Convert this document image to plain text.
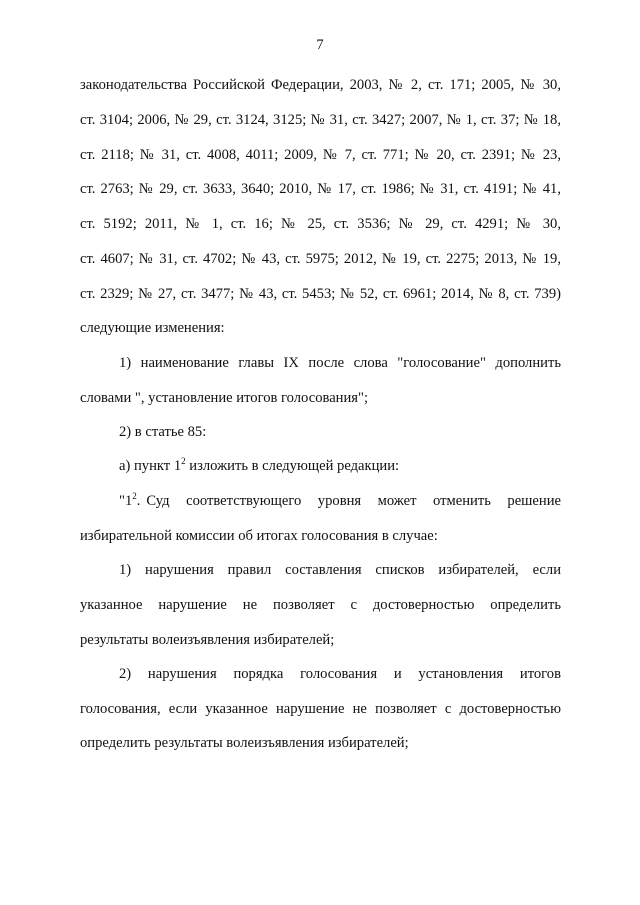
7
законодательства Российской Федерации, 2003, № 2, ст. 171; 2005, № 30,
ст. 3104; 2006, № 29, ст. 3124, 3125; № 31, ст. 3427; 2007, № 1, ст. 37; № 18,
ст. 2118; № 31, ст. 4008, 4011; 2009, № 7, ст. 771; № 20, ст. 2391; № 23,
ст. 2763; № 29, ст. 3633, 3640; 2010, № 17, ст. 1986; № 31, ст. 4191; № 41,
ст. 5192; 2011, № 1, ст. 16; № 25, ст. 3536; № 29, ст. 4291; № 30,
ст. 4607; № 31, ст. 4702; № 43, ст. 5975; 2012, № 19, ст. 2275; 2013, № 19,
ст. 2329; № 27, ст. 3477; № 43, ст. 5453; № 52, ст. 6961; 2014, № 8, ст. 739)
следующие изменения:
1) наименование главы IX после слова "голосование" дополнить
словами ", установление итогов голосования";
2) в статье 85:
а) пункт $1^2$ изложить в следующей редакции:
"$1^2$. Суд соответствующего уровня может отменить решение
избирательной комиссии об итогах голосования в случае:
1) нарушения правил составления списков избирателей, если
указанное нарушение не позволяет с достоверностью определить
результаты волеизъявления избирателей;
2) нарушения порядка голосования и установления итогов
голосования, если указанное нарушение не позволяет с достоверностью
определить результаты волеизъявления избирателей;
